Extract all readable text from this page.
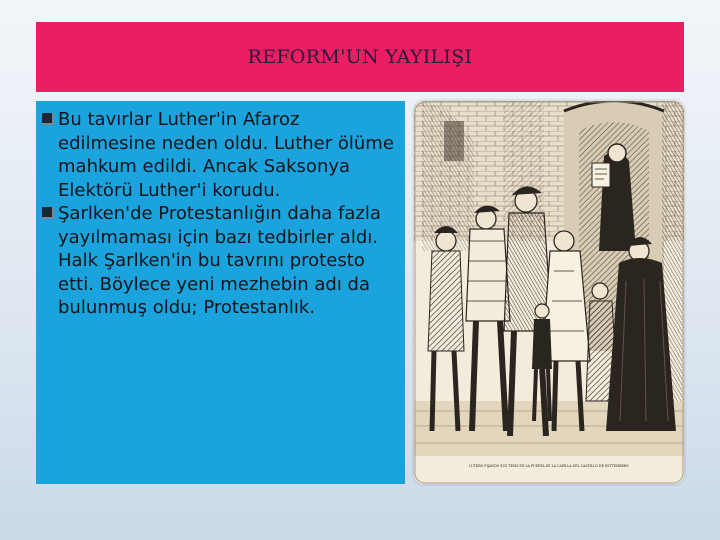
REFORM'UN YAYILIŞI
Bu tavırlar Luther'in Afaroz edilmesine neden oldu. Luther ölüme mahkum edildi. Ancak Saksonya Elektörü Luther'i korudu.
Şarlken'de Protestanlığın daha fazla yayılmaması için bazı tedbirler aldı. Halk Şarlken'in bu tavrını protesto etti. Böylece yeni mezhebin adı da bulunmuş oldu; Protestanlık.
LUTERO FIJANDO SUS TESIS EN LA PUERTA DE LA CAPILLA DEL CASTILLO DE WITTEMBERG
